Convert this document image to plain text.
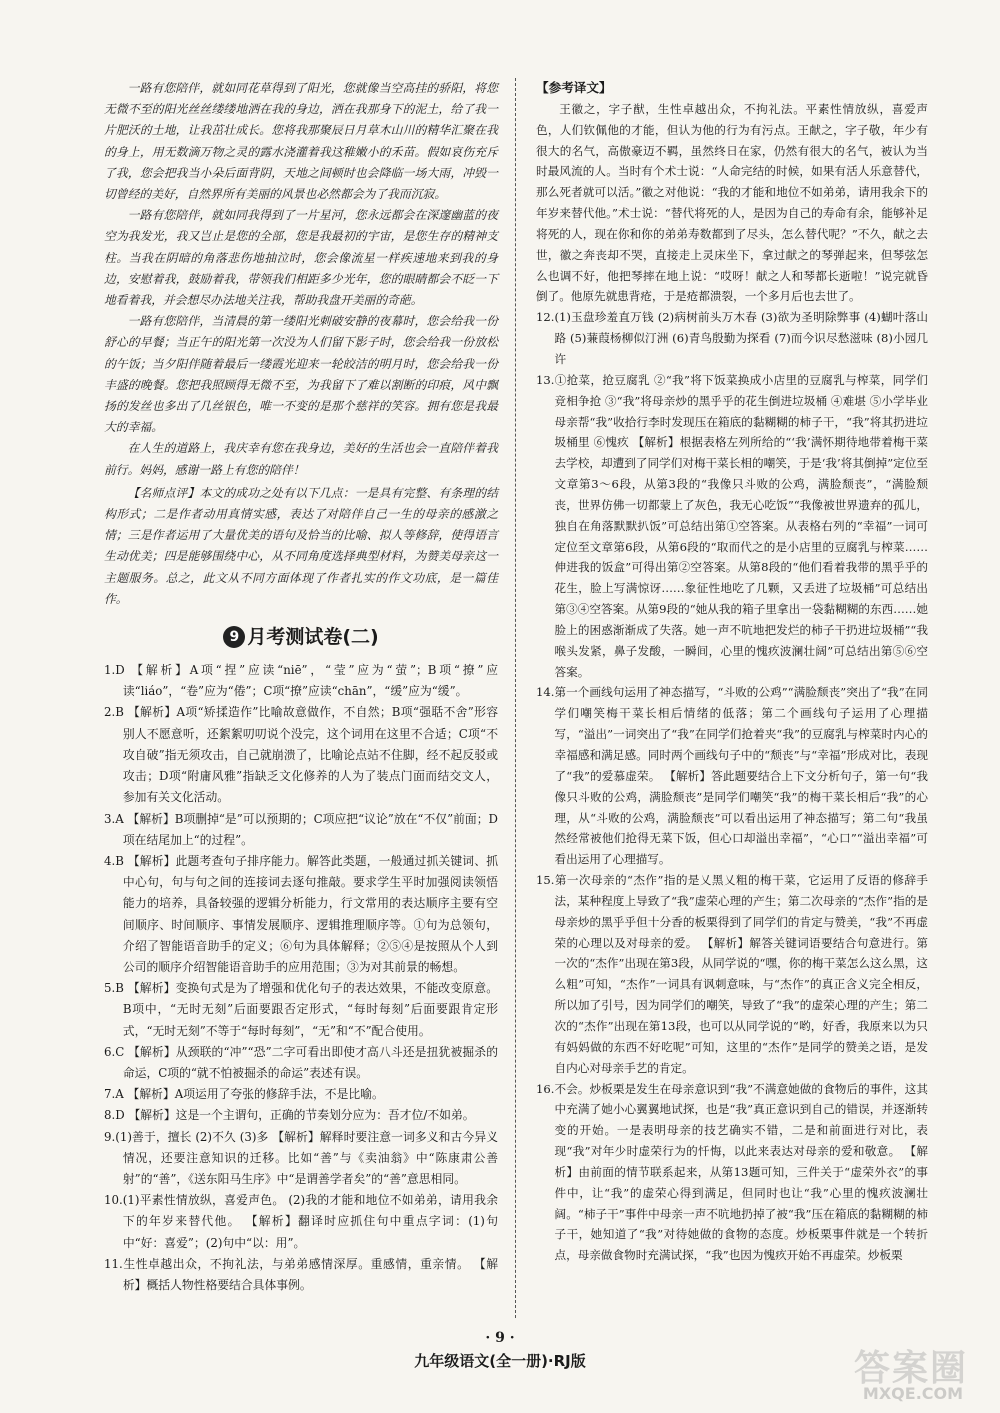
一路有您陪伴，就如同花草得到了阳光，您就像当空高挂的骄阳，将您无微不至的阳光丝丝缕缕地洒在我的身边，洒在我那身下的泥土，给了我一片肥沃的土地，让我茁壮成长。您将我那聚辰日月草木山川的精华汇聚在我的身上，用无数滴万物之灵的露水浇灌着我这稚嫩小的禾苗。假如哀伤充斥了我，您会把我当小朵后面背阴，天地之间顿时也会降临一场大雨，冲毁一切曾经的美好，自然界所有美丽的风景也必然都会为了我而沉寂。

一路有您陪伴，就如同我得到了一片星河，您永远都会在深邃幽蓝的夜空为我发光，我又岂止是您的全部，您是我最初的宇宙，是您生存的精神支柱。当我在阴暗的角落悲伤地抽泣时，您会像流星一样疾速地来到我的身边，安慰着我，鼓励着我，带领我们相距多少光年，您的眼睛都会不眨一下地看着我，并会想尽办法地关注我，帮助我盘开美丽的奇葩。

一路有您陪伴，当清晨的第一缕阳光刺破安静的夜幕时，您会给我一份舒心的早餐；当正午的阳光第一次没为人们留下影子时，您会给我一份放松的午饭；当夕阳伴随着最后一缕霞光迎来一轮皎洁的明月时，您会给我一份丰盛的晚餐。您把我照顾得无微不至，为我留下了难以割断的印痕，风中飘扬的发丝也多出了几丝银色，唯一不变的是那个慈祥的笑容。拥有您是我最大的幸福。

在人生的道路上，我庆幸有您在我身边，美好的生活也会一直陪伴着我前行。妈妈，感谢一路上有您的陪伴！

【名师点评】本文的成功之处有以下几点：一是具有完整、有条理的结构形式；二是作者动用真情实感，表达了对陪伴自己一生的母亲的感激之情；三是作者运用了大量优美的语句及恰当的比喻、拟人等修辞，使得语言生动优美；四是能够围绕中心，从不同角度选择典型材料，为赞美母亲这一主题服务。总之，此文从不同方面体现了作者扎实的作文功底，是一篇佳作。

9 月考测试卷(二)

1.D 【解析】A项“捏”应读“niē”，“莹”应为“萤”；B项“撩”应读“liáo”，“卷”应为“倦”；C项“撩”应读“chān”，“缓”应为“缓”。

2.B 【解析】A项“矫揉造作”比喻故意做作，不自然；B项“强聒不舍”形容别人不愿意听，还絮絮叨叨说个没完，这个词用在这里不合适；C项“不攻自破”指无须攻击，自己就崩溃了，比喻论点站不住脚，经不起反驳或攻击；D项“附庸风雅”指缺乏文化修养的人为了装点门面而结交文人，参加有关文化活动。

3.A 【解析】B项删掉“是”可以预期的；C项应把“议论”放在“不仅”前面；D项在结尾加上“的过程”。

4.B 【解析】此题考查句子排序能力。解答此类题，一般通过抓关键词、抓中心句，句与句之间的连接词去逐句推敲。要求学生平时加强阅读领悟能力的培养，具备较强的逻辑分析能力，行文常用的表达顺序主要有空间顺序、时间顺序、事情发展顺序、逻辑推理顺序等。①句为总领句，介绍了智能语音助手的定义；⑥句为具体解释；②⑤④是按照从个人到公司的顺序介绍智能语音助手的应用范围；③为对其前景的畅想。

5.B 【解析】变换句式是为了增强和优化句子的表达效果，不能改变原意。B项中，“无时无刻”后面要跟否定形式，“每时每刻”后面要跟肯定形式，“无时无刻”不等于“每时每刻”，“无”和“不”配合使用。

6.C 【解析】从颈联的“冲”“恐”二字可看出即使才高八斗还是扭犹被掘杀的命运，C项的“就不怕被掘杀的命运”表述有误。

7.A 【解析】A项运用了夸张的修辞手法，不是比喻。

8.D 【解析】这是一个主谓句，正确的节奏划分应为：吾才位/不如弟。

9.(1)善于，擅长 (2)不久 (3)多 【解析】解释时要注意一词多义和古今异义情况，还要注意知识的迁移。比如“善”与《卖油翁》中“陈康肃公善射”的“善”，《送东阳马生序》中“是谓善学者矣”的“善”意思相同。

10.(1)平素性情放纵，喜爱声色。 (2)我的才能和地位不如弟弟，请用我余下的年岁来替代他。 【解析】翻译时应抓住句中重点字词：(1)句中“好：喜爱”；(2)句中“以：用”。

11.生性卓越出众，不拘礼法，与弟弟感情深厚。重感情，重亲情。 【解析】概括人物性格要结合具体事例。

【参考译文】

王徽之，字子猷，生性卓越出众，不拘礼法。平素性情放纵，喜爱声色，人们钦佩他的才能，但认为他的行为有污点。王献之，字子敬，年少有很大的名气，高傲豪迈不羁，虽然终日在家，仍然有很大的名气，被认为当时最风流的人。当时有个术士说：“人命完结的时候，如果有活人乐意替代，那么死者就可以活。”徽之对他说：“我的才能和地位不如弟弟，请用我余下的年岁来替代他。”术士说：“替代将死的人，是因为自己的寿命有余，能够补足将死的人，现在你和你的弟弟寿数都到了尽头，怎么替代呢？”不久，献之去世，徽之奔丧却不哭，直接走上灵床坐下，拿过献之的琴弹起来，但琴弦怎么也调不好，他把琴摔在地上说：“哎呀！献之人和琴都长逝啦！”说完就昏倒了。他原先就患背疮，于是疮都溃裂，一个多月后也去世了。

12.(1)玉盘珍羞直万钱 (2)病树前头万木春 (3)欲为圣明除弊事 (4)蝴叶落山路 (5)蒹葭杨柳似汀洲 (6)青鸟殷勤为探看 (7)而今识尽愁滋味 (8)小园几许

13.①抢菜，抢豆腐乳 ②“我”将下饭菜换成小店里的豆腐乳与榨菜，同学们竞相争抢 ③“我”将母亲炒的黑乎乎的花生倒进垃圾桶 ④难堪 ⑤小学毕业母亲帮“我”收拾行李时发现压在箱底的黏糊糊的柿子干，“我”将其扔进垃圾桶里 ⑥愧疚 【解析】根据表格左列所给的“‘我’满怀期待地带着梅干菜去学校，却遭到了同学们对梅干菜长相的嘲笑，于是‘我’将其倒掉”定位至文章第3～6段，从第3段的“我像只斗败的公鸡，满脸颓丧”，“满脸颓丧，世界仿佛一切都蒙上了灰色，我无心吃饭”“我像被世界遗弃的孤儿，独自在角落默默扒饭”可总结出第①空答案。从表格右列的“幸福”一词可定位至文章第6段，从第6段的“取而代之的是小店里的豆腐乳与榨菜……伸进我的饭盒”可得出第②空答案。从第8段的“他们看着我带的黑乎乎的花生，脸上写满惊讶……象征性地吃了几颗，又丢进了垃圾桶”可总结出第③④空答案。从第9段的“她从我的箱子里拿出一袋黏糊糊的东西……她脸上的困惑渐渐成了失落。她一声不吭地把发烂的柿子干扔进垃圾桶”“我喉头发紧，鼻子发酸，一瞬间，心里的愧疚波澜壮阔”可总结出第⑤⑥空答案。

14.第一个画线句运用了神态描写，“斗败的公鸡”“满脸颓丧”突出了“我”在同学们嘲笑梅干菜长相后情绪的低落；第二个画线句子运用了心理描写，“溢出”一词突出了“我”在同学们抢着夹“我”的豆腐乳与榨菜时内心的幸福感和满足感。同时两个画线句子中的“颓丧”与“幸福”形成对比，表现了“我”的爱慕虚荣。 【解析】答此题要结合上下文分析句子，第一句“我像只斗败的公鸡，满脸颓丧”是同学们嘲笑“我”的梅干菜长相后“我”的心理，从“斗败的公鸡，满脸颓丧”可以看出运用了神态描写；第二句“我虽然经常被他们抢得无菜下饭，但心口却溢出幸福”，“心口”“溢出幸福”可看出运用了心理描写。

15.第一次母亲的“杰作”指的是乂黑乂粗的梅干菜，它运用了反语的修辞手法，某种程度上导致了“我”虚荣心理的产生；第二次母亲的“杰作”指的是母亲炒的黑乎乎但十分香的板栗得到了同学们的肯定与赞美，“我”不再虚荣的心理以及对母亲的爱。 【解析】解答关键词语要结合句意进行。第一次的“杰作”出现在第3段，从同学说的“嘿，你的梅干菜怎么这么黑，这么粗”可知，“杰作”一词具有讽刺意味，与“杰作”的真正含义完全相反，所以加了引号，因为同学们的嘲笑，导致了“我”的虚荣心理的产生；第二次的“杰作”出现在第13段，也可以从同学说的“哟，好香，我原来以为只有妈妈做的东西不好吃呢”可知，这里的“杰作”是同学的赞美之语，是发自内心对母亲手艺的肯定。

16.不会。炒板栗是发生在母亲意识到“我”不满意她做的食物后的事件，这其中充满了她小心翼翼地试探，也是“我”真正意识到自己的错误，并逐渐转变的开始。一是表明母亲的技艺确实不错，二是和前面进行对比，表现“我”对年少时虚荣行为的忏悔，以此来表达对母亲的爱和敬意。 【解析】由前面的情节联系起来，从第13题可知，三件关于“虚荣外衣”的事件中，让“我”的虚荣心得到满足，但同时也让“我”心里的愧疚波澜壮阔。“柿子干”事件中母亲一声不吭地扔掉了被“我”压在箱底的黏糊糊的柿子干，她知道了“我”对待她做的食物的态度。炒板栗事件就是一个转折点，母亲做食物时充满试探，“我”也因为愧疚开始不再虚荣。炒板栗

· 9 ·
九年级语文(全一册)·RJ版	答案圈
MXQE.COM
